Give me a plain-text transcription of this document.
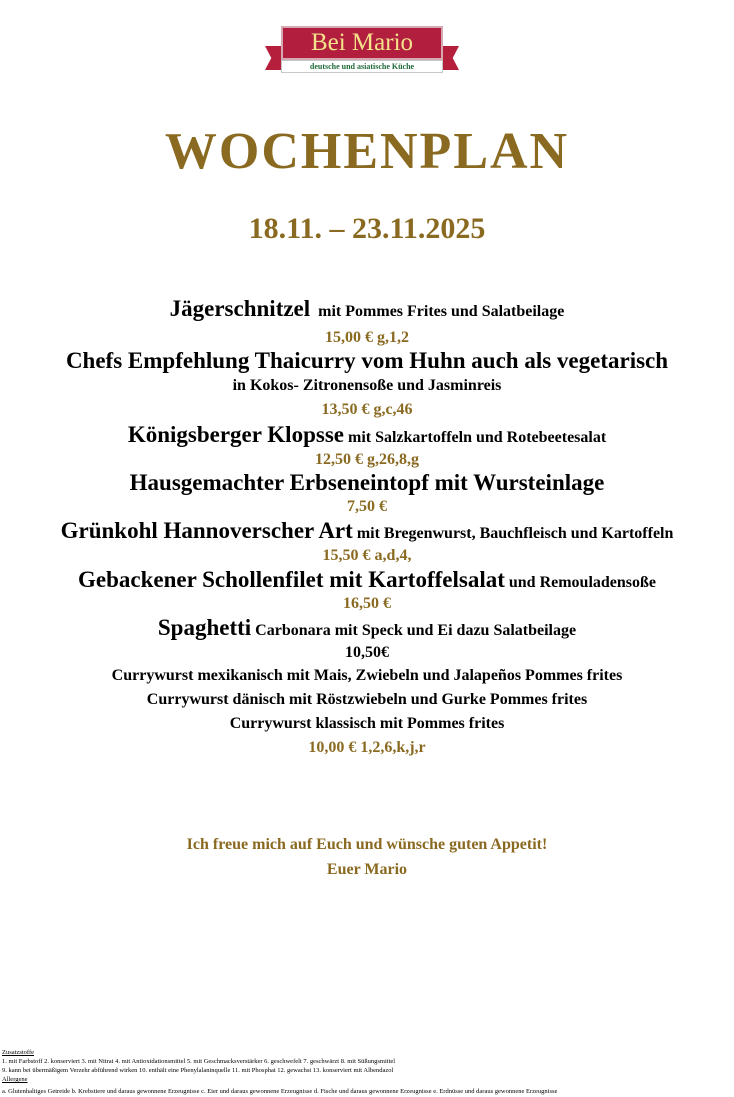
Bei Mario
deutsche und asiatische Küche
WOCHENPLAN
18.11. – 23.11.2025
Jägerschnitzel mit Pommes Frites und Salatbeilage
15,00 € g,1,2
Chefs Empfehlung Thaicurry vom Huhn auch als vegetarisch
in Kokos- Zitronensoße und Jasminreis
13,50 € g,c,46
Königsberger Klopsse mit Salzkartoffeln und Rotebeetesalat
12,50 € g,26,8,g
Hausgemachter Erbseneintopf mit Wursteinlage
7,50 €
Grünkohl Hannoverscher Art mit Bregenwurst, Bauchfleisch und Kartoffeln
15,50 € a,d,4,
Gebackener Schollenfilet mit Kartoffelsalat und Remouladensoße
16,50 €
Spaghetti Carbonara mit Speck und Ei dazu Salatbeilage
10,50€
Currywurst mexikanisch mit Mais, Zwiebeln und Jalapeños Pommes frites
Currywurst dänisch mit Röstzwiebeln und Gurke Pommes frites
Currywurst klassisch mit Pommes frites
10,00 € 1,2,6,k,j,r
Ich freue mich auf Euch und wünsche guten Appetit!
Euer Mario
Zusatzstoffe
1. mit Farbstoff 2. konserviert 3. mit Nitrat 4. mit Antioxidationsmittel 5. mit Geschmacksverstärker 6. geschwefelt 7. geschwärzt 8. mit Süßungsmittel
9. kann bei übermäßigem Verzehr abführend wirken 10. enthält eine Phenylalaninquelle 11. mit Phosphat 12. gewachst 13. konserviert mit Albendazol
Allergene
a. Glutenhaltiges Getreide b. Krebstiere und daraus gewonnene Erzeugnisse c. Eier und daraus gewonnene Erzeugnisse d. Fische und daraus gewonnene Erzeugnisse e. Erdnüsse und daraus gewonnene Erzeugnisse
